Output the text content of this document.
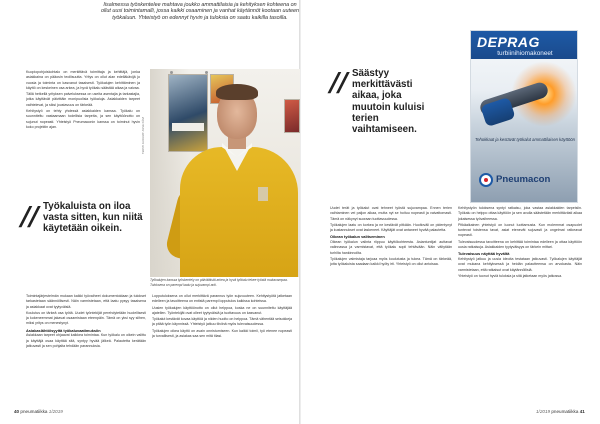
Iisalmessa työskentelee mahtava joukko ammattilaisia ja kehityksen kohteena on ollut uusi toimintamalli, jossa kaikki osaaminen ja vanhat käytännöt kootaan uuteen työkaluun. Yhteistyö on edennyt hyvin ja tuloksia on saatu kaikilla tasoilla.

Kuopiopohjoiskohtalo on merkittävä toimittaja ja kehittäjä, jonka asiakkaina on pääosin teollisuutta. Yritys on ollut alan edelläkävijä jo vuosia ja toiminta on kasvanut tasaisesti. Työkalujen kehittäminen ja käyttö on keskeinen osa arkea, ja hyvä työkalu säästää aikaa ja vaivaa.

Tällä hetkellä yrityksen palveluksessa on useita asentajia ja tarkastajia, jotka käyttävät päivittäin monipuolisia työkaluja. Asiakkaiden tarpeet vaihtelevat, ja siksi joustavuus on tärkeää.

Kehitystyö on tehty yhdessä asiakkaiden kanssa. Työkalu on suunniteltu vastaamaan todellisia tarpeita, ja sen käyttöönotto on sujunut nopeasti. Yhteistyö Pneumaconin kanssa on toiminut hyvin koko projektin ajan.	TEKSTI JA KUVAT: ANNE PÄIVI

Työkalujen kanssa työskentely on päivittäistä arkea ja hyvä työkalu tekee työstä mukavampaa. Tuloksena on parempi laatu ja sujuvampi arki.

// Työkaluista on iloa vasta sitten, kun niitä käytetään oikein.

Toimintajärjestelmän mukaan kaikki työvaiheet dokumentoidaan ja tulokset tarkastetaan säännöllisesti. Näin varmistetaan, että laatu pysyy tasaisena ja asiakkaat ovat tyytyväisiä.

Koulutus on tärkeä osa työtä. Uudet työntekijät perehdytetään huolellisesti ja kokeneemmat jakavat osaamistaan eteenpäin. Tämä on yksi syy siihen, miksi yritys on menestynyt.

Asiakaslähtöisyyttä työkaluvaatimuksiin

Asiakkaan tarpeet ohjaavat kaikkea toimintaa. Kun työkalu on oikein valittu ja käyttäjä osaa käyttää sitä, syntyy hyvää jälkeä. Palautetta kerätään jatkuvasti ja sen pohjalta tehdään parannuksia.

Lopputuloksena on ollut merkittävä parannus työn sujuvuuteen. Kehitystyötä jatketaan edelleen ja tavoitteena on entistä parempi lopputulos kaikissa kohteissa.

Uusien työkalujen käyttöönotto on ollut helppoa, koska ne on suunniteltu käyttäjää ajatellen. Työntekijät ovat olleet tyytyväisiä ja tuottavuus on kasvanut.

Työkalut kestävät kovaa käyttöä ja niiden huolto on helppoa. Tämä vähentää seisokkeja ja pitää työn käynnissä. Yhteistyö jatkuu tiiviinä myös tulevaisuudessa.

Työkalujen oikea käyttö on avain onnistumiseen. Kun kaikki toimii, työ etenee nopeasti ja turvallisesti, ja asiakas saa sen mitä tilasi.

// Säästyy merkittävästi aikaa, joka muutoin kuluisi terien vaihtamiseen.

Uudet terät ja työkalut ovat tehneet työstä sujuvampaa. Ennen terien vaihtaminen vei paljon aikaa, mutta nyt se hoituu nopeasti ja vaivattomasti. Tämä on näkynyt suoraan tuottavuudessa.

Työkalujen laatu on korkea ja ne kestävät pitkään. Huoltoväli on pidentynyt ja kustannukset ovat laskeneet. Käyttäjät ovat antaneet hyvää palautetta.

Oikean työkalun valitseminen

Oikean työkalun valinta riippuu käyttökohteesta. Asiantuntijat auttavat valinnassa ja varmistavat, että työkalu sopii tehtävään. Näin vältytään turhilta hankinnoilta.

Työkalujen valmistaja tarjoaa myös koulutusta ja tukea. Tämä on tärkeää, jotta työkaluista saadaan kaikki hyöty irti. Yhteistyö on ollut antoisaa.

Kehitystyön tuloksena syntyi ratkaisu, joka vastaa asiakkaiden tarpeisiin. Työkalu on helppo ottaa käyttöön ja sen avulla säästetään merkittävästi aikaa jokaisessa työvaiheessa.

Pitkäaikainen yhteistyö on luonut luottamusta. Kun molemmat osapuolet tuntevat toistensa tavat, asiat etenevät sujuvasti ja ongelmat ratkeavat nopeasti.

Tulevaisuudessa tavoitteena on kehittää toimintaa edelleen ja ottaa käyttöön uusia ratkaisuja. Asiakkaiden tyytyväisyys on tärkein mittari.

Tulevaisuus näyttää hyvältä

Kehitystyö jatkuu ja uusia ideoita testataan jatkuvasti. Työkalujen käyttäjät ovat mukana kehityksessä ja heidän palautteensa on arvokasta. Näin varmistetaan, että ratkaisut ovat käytännöllisiä.

Yhteistyö on tuonut hyviä tuloksia ja sitä jatketaan myös jatkossa.

DEPRAG
turbiinihiomakoneet

Tehokkaat ja kestävät työkalut ammattilaisen käyttöön

Pneumacon
40 pneumatiikka 1/2019	1/2019 pneumatiikka 41
